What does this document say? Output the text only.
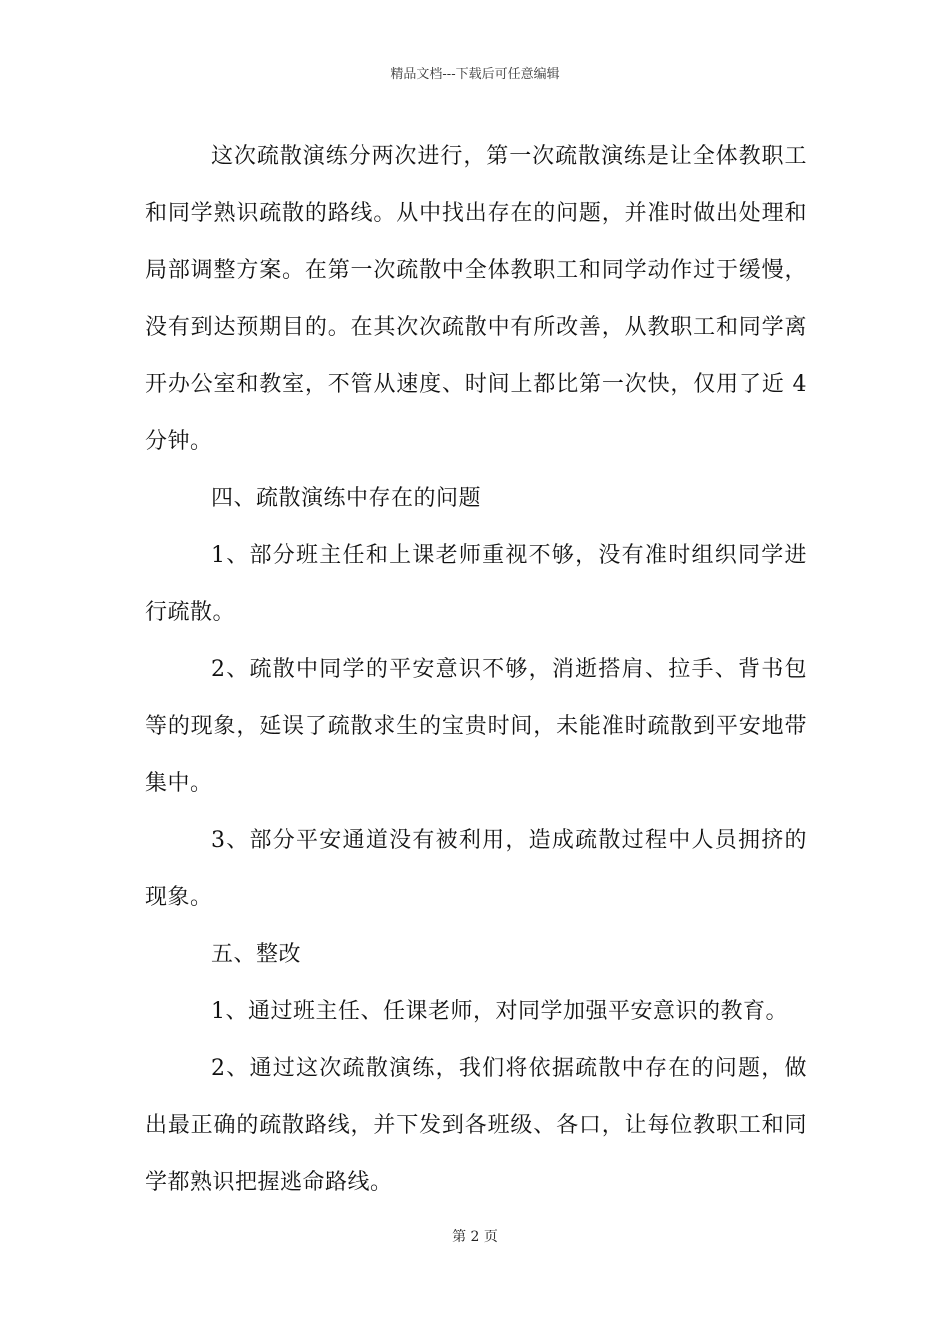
精品文档---下载后可任意编辑

这次疏散演练分两次进行，第一次疏散演练是让全体教职工和同学熟识疏散的路线。从中找出存在的问题，并准时做出处理和局部调整方案。在第一次疏散中全体教职工和同学动作过于缓慢，没有到达预期目的。在其次次疏散中有所改善，从教职工和同学离开办公室和教室，不管从速度、时间上都比第一次快，仅用了近 4 分钟。

四、疏散演练中存在的问题

1、部分班主任和上课老师重视不够，没有准时组织同学进行疏散。

2、疏散中同学的平安意识不够，消逝搭肩、拉手、背书包等的现象，延误了疏散求生的宝贵时间，未能准时疏散到平安地带集中。

3、部分平安通道没有被利用，造成疏散过程中人员拥挤的现象。

五、整改

1、通过班主任、任课老师，对同学加强平安意识的教育。

2、通过这次疏散演练，我们将依据疏散中存在的问题，做出最正确的疏散路线，并下发到各班级、各口，让每位教职工和同学都熟识把握逃命路线。

第 2 页
